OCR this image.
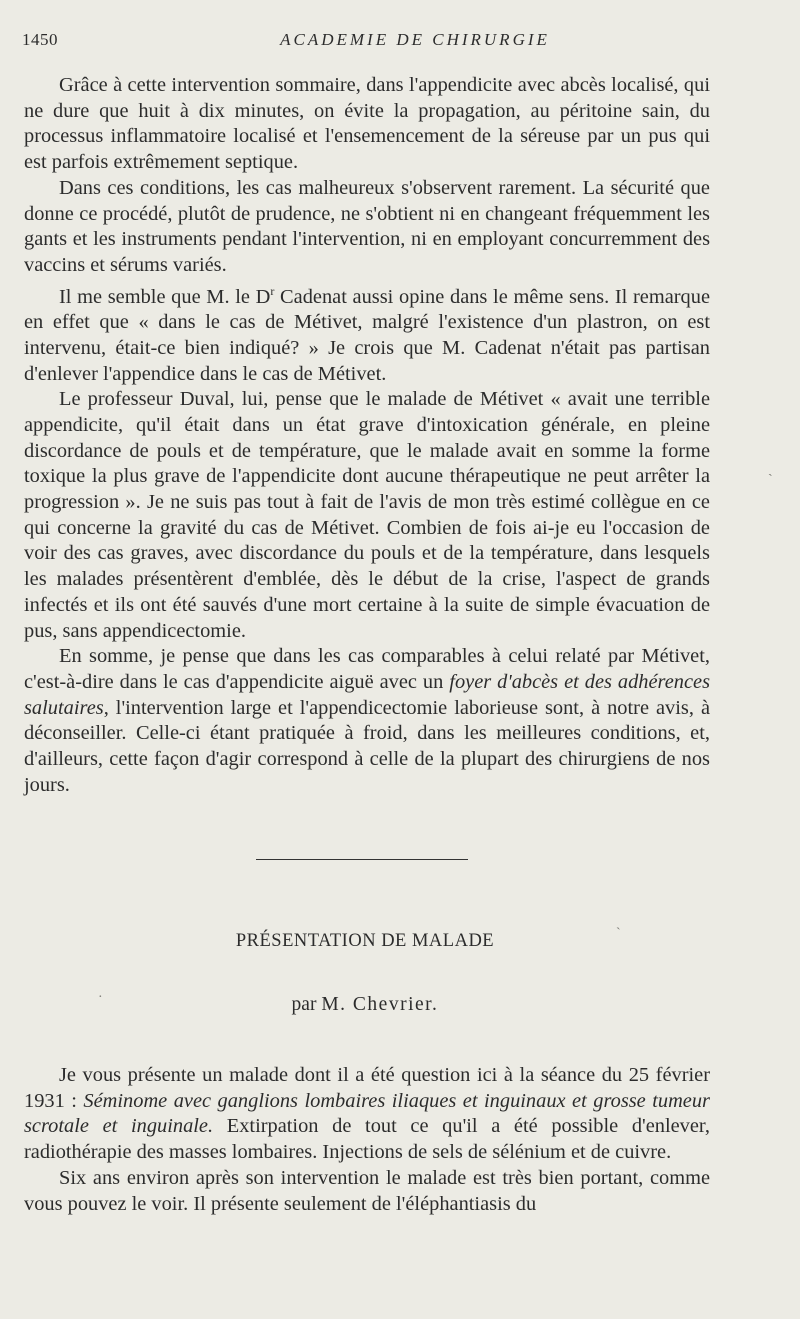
1450	ACADEMIE DE CHIRURGIE

Grâce à cette intervention sommaire, dans l'appendicite avec abcès localisé, qui ne dure que huit à dix minutes, on évite la propagation, au péritoine sain, du processus inflammatoire localisé et l'ensemencement de la séreuse par un pus qui est parfois extrêmement septique.

Dans ces conditions, les cas malheureux s'observent rarement. La sécurité que donne ce procédé, plutôt de prudence, ne s'obtient ni en changeant fréquemment les gants et les instruments pendant l'intervention, ni en employant concurremment des vaccins et sérums variés.

Il me semble que M. le $D^r$ Cadenat aussi opine dans le même sens. Il remarque en effet que « dans le cas de Métivet, malgré l'existence d'un plastron, on est intervenu, était-ce bien indiqué? » Je crois que M. Cadenat n'était pas partisan d'enlever l'appendice dans le cas de Métivet.

Le professeur Duval, lui, pense que le malade de Métivet « avait une terrible appendicite, qu'il était dans un état grave d'intoxication générale, en pleine discordance de pouls et de température, que le malade avait en somme la forme toxique la plus grave de l'appendicite dont aucune thérapeutique ne peut arrêter la progression ». Je ne suis pas tout à fait de l'avis de mon très estimé collègue en ce qui concerne la gravité du cas de Métivet. Combien de fois ai-je eu l'occasion de voir des cas graves, avec discordance du pouls et de la température, dans lesquels les malades présentèrent d'emblée, dès le début de la crise, l'aspect de grands infectés et ils ont été sauvés d'une mort certaine à la suite de simple évacuation de pus, sans appendicectomie.

En somme, je pense que dans les cas comparables à celui relaté par Métivet, c'est-à-dire dans le cas d'appendicite aiguë avec un foyer d'abcès et des adhérences salutaires, l'intervention large et l'appendicectomie laborieuse sont, à notre avis, à déconseiller. Celle-ci étant pratiquée à froid, dans les meilleures conditions, et, d'ailleurs, cette façon d'agir correspond à celle de la plupart des chirurgiens de nos jours.

PRÉSENTATION DE MALADE
par M. Chevrier.

Je vous présente un malade dont il a été question ici à la séance du 25 février 1931 : Séminome avec ganglions lombaires iliaques et inguinaux et grosse tumeur scrotale et inguinale. Extirpation de tout ce qu'il a été possible d'enlever, radiothérapie des masses lombaires. Injections de sels de sélénium et de cuivre.

Six ans environ après son intervention le malade est très bien portant, comme vous pouvez le voir. Il présente seulement de l'éléphantiasis du

ˏ
ˋ
·
